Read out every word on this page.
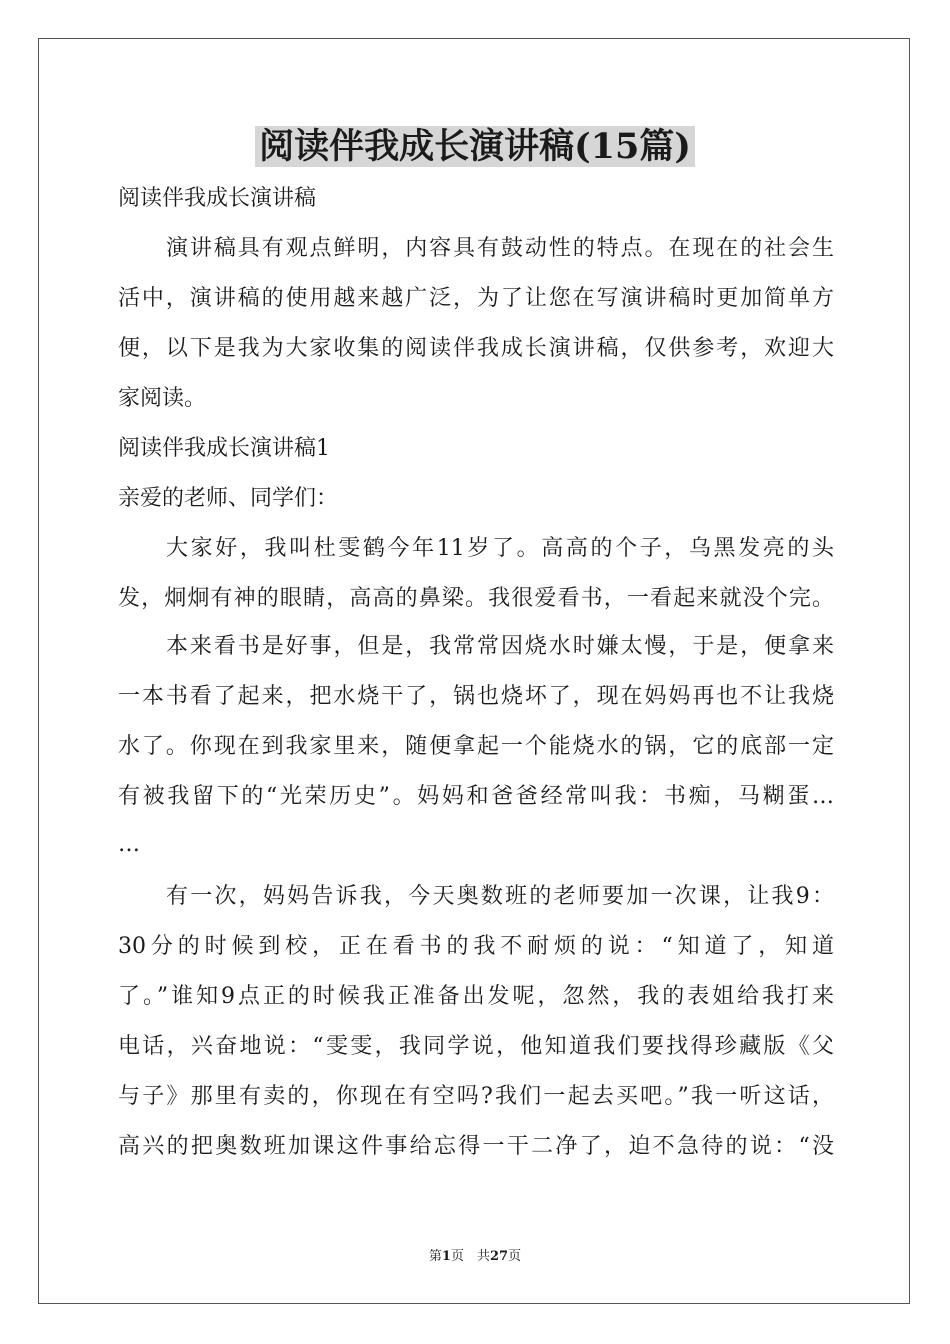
阅读伴我成长演讲稿(15篇)
阅读伴我成长演讲稿
演讲稿具有观点鲜明，内容具有鼓动性的特点。在现在的社会生
活中，演讲稿的使用越来越广泛，为了让您在写演讲稿时更加简单方
便，以下是我为大家收集的阅读伴我成长演讲稿，仅供参考，欢迎大
家阅读。
阅读伴我成长演讲稿1
亲爱的老师、同学们：
大家好，我叫杜雯鹤今年11岁了。高高的个子，乌黑发亮的头
发，炯炯有神的眼睛，高高的鼻梁。我很爱看书，一看起来就没个完。
本来看书是好事，但是，我常常因烧水时嫌太慢，于是，便拿来
一本书看了起来，把水烧干了，锅也烧坏了，现在妈妈再也不让我烧
水了。你现在到我家里来，随便拿起一个能烧水的锅，它的底部一定
有被我留下的“光荣历史”。妈妈和爸爸经常叫我：书痴，马糊蛋…
…
有一次，妈妈告诉我，今天奥数班的老师要加一次课，让我9：
30分的时候到校，正在看书的我不耐烦的说：“知道了，知道
了。”谁知9点正的时候我正准备出发呢，忽然，我的表姐给我打来
电话，兴奋地说：“雯雯，我同学说，他知道我们要找得珍藏版《父
与子》那里有卖的，你现在有空吗?我们一起去买吧。”我一听这话，
高兴的把奥数班加课这件事给忘得一干二净了，迫不急待的说：“没
第1页　共27页
